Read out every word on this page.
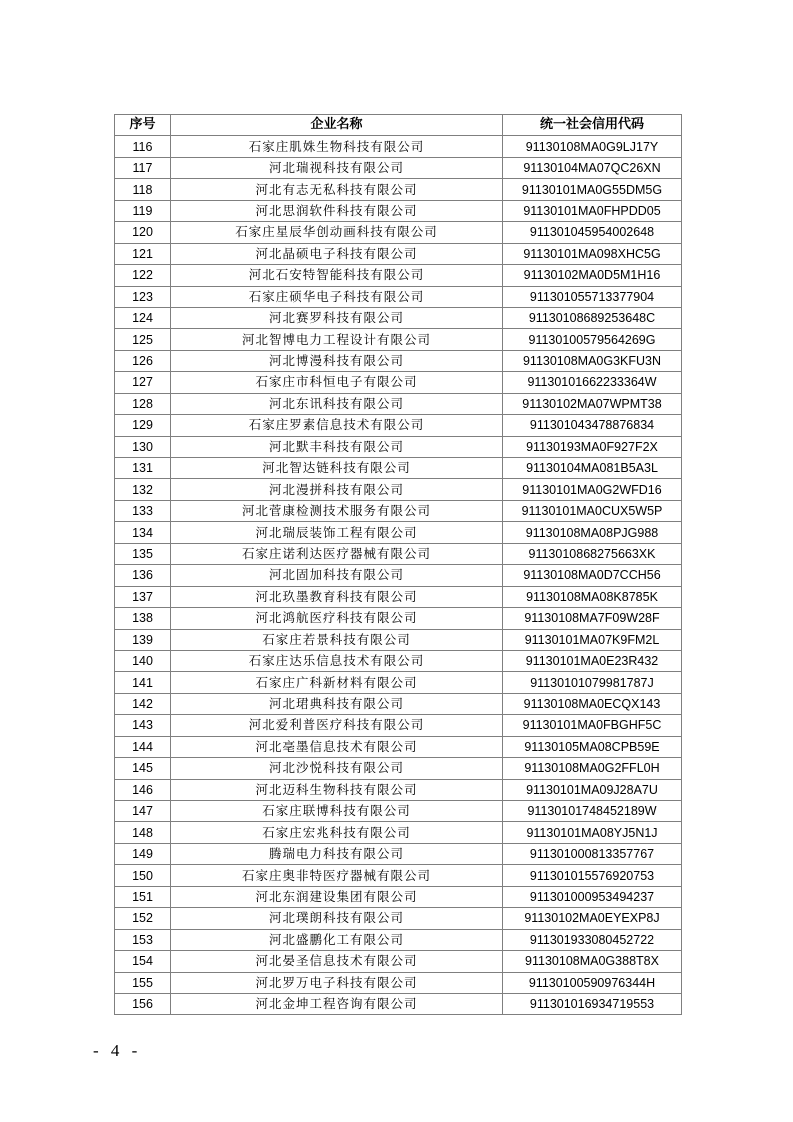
序号	企业名称	统一社会信用代码
116	石家庄肌姝生物科技有限公司	91130108MA0G9LJ17Y
117	河北瑞视科技有限公司	91130104MA07QC26XN
118	河北有志无私科技有限公司	91130101MA0G55DM5G
119	河北思润软件科技有限公司	91130101MA0FHPDD05
120	石家庄星辰华创动画科技有限公司	911301045954002648
121	河北晶硕电子科技有限公司	91130101MA098XHC5G
122	河北石安特智能科技有限公司	91130102MA0D5M1H16
123	石家庄硕华电子科技有限公司	911301055713377904
124	河北赛罗科技有限公司	91130108689253648C
125	河北智博电力工程设计有限公司	91130100579564269G
126	河北博漫科技有限公司	91130108MA0G3KFU3N
127	石家庄市科恒电子有限公司	91130101662233364W
128	河北东讯科技有限公司	91130102MA07WPMT38
129	石家庄罗素信息技术有限公司	911301043478876834
130	河北默丰科技有限公司	91130193MA0F927F2X
131	河北智达链科技有限公司	91130104MA081B5A3L
132	河北漫拼科技有限公司	91130101MA0G2WFD16
133	河北菅康检测技术服务有限公司	91130101MA0CUX5W5P
134	河北瑞辰装饰工程有限公司	91130108MA08PJG988
135	石家庄诺利达医疗器械有限公司	91130108682756​63XK
136	河北固加科技有限公司	91130108MA0D7CCH56
137	河北玖墨教育科技有限公司	91130108MA08K8785K
138	河北鸿航医疗科技有限公司	91130108MA7F09W28F
139	石家庄若景科技有限公司	91130101MA07K9FM2L
140	石家庄达乐信息技术有限公司	91130101MA0E23R432
141	石家庄广科新材料有限公司	91130101079981787J
142	河北珺典科技有限公司	91130108MA0ECQX143
143	河北爱利普医疗科技有限公司	91130101MA0FBGHF5C
144	河北亳墨信息技术有限公司	91130105MA08CPB59E
145	河北沙悦科技有限公司	91130108MA0G2FFL0H
146	河北迈科生物科技有限公司	91130101MA09J28A7U
147	石家庄联博科技有限公司	91130101748452189W
148	石家庄宏兆科技有限公司	91130101MA08YJ5N1J
149	腾瑞电力科技有限公司	911301000813357767
150	石家庄奥非特医疗器械有限公司	911301015576920753
151	河北东润建设集团有限公司	911301000953494237
152	河北璞朗科技有限公司	91130102MA0EYEXP8J
153	河北盛鹏化工有限公司	911301933080452722
154	河北晏圣信息技术有限公司	91130108MA0G388T8X
155	河北罗万电子科技有限公司	91130100590976344H
156	河北金坤工程咨询有限公司	911301016934719553
- 4 -
